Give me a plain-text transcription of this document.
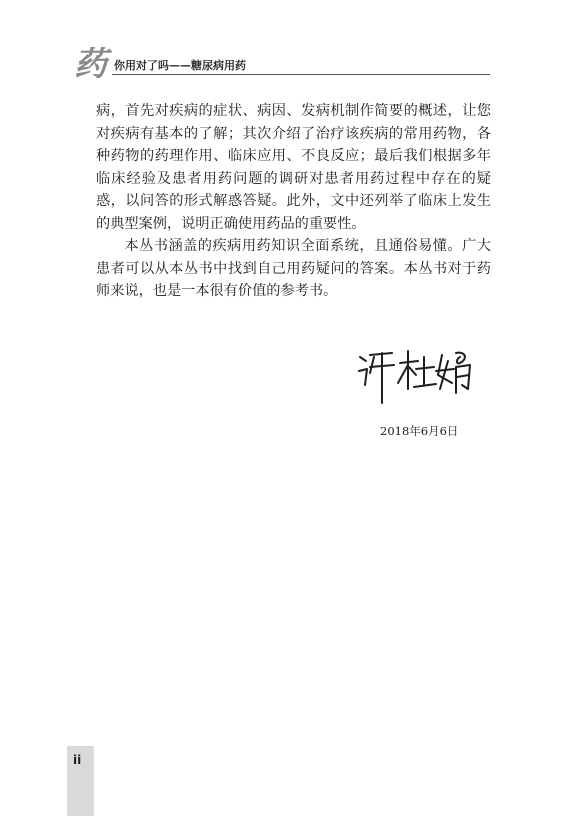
药 你用对了吗——糖尿病用药

病，首先对疾病的症状、病因、发病机制作简要的概述，让您对疾病有基本的了解；其次介绍了治疗该疾病的常用药物，各种药物的药理作用、临床应用、不良反应；最后我们根据多年临床经验及患者用药问题的调研对患者用药过程中存在的疑惑，以问答的形式解惑答疑。此外，文中还列举了临床上发生的典型案例，说明正确使用药品的重要性。

本丛书涵盖的疾病用药知识全面系统，且通俗易懂。广大患者可以从本丛书中找到自己用药疑问的答案。本丛书对于药师来说，也是一本很有价值的参考书。

2018年6月6日
ii
